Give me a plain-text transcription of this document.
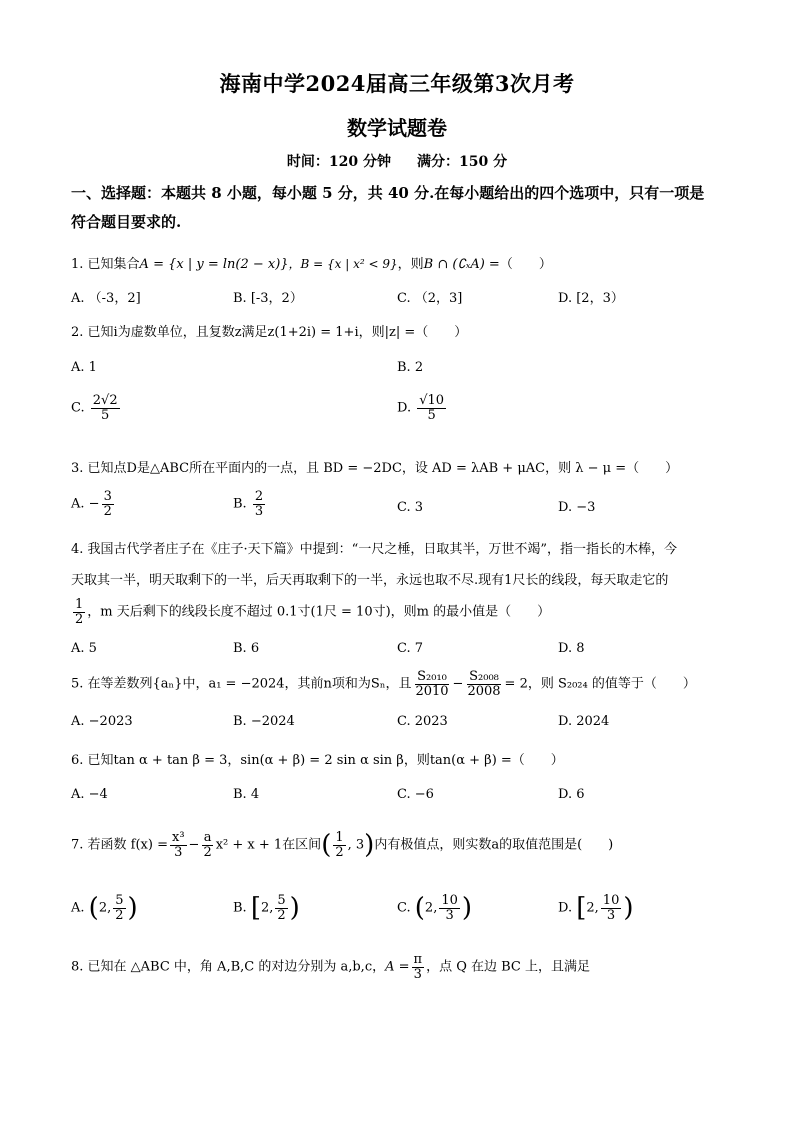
海南中学2024届高三年级第3次月考
数学试题卷
时间：120 分钟 满分：150 分
一、选择题：本题共 8 小题，每小题 5 分，共 40 分.在每小题给出的四个选项中，只有一项是
符合题目要求的.
1. 已知集合A = {x | y = ln(2 − x)}，B = {x | x² < 9}，则B ∩ (∁ₓA) =（　　）
A. （-3，2]	B. [-3，2）	C. （2，3]	D. [2，3）
2. 已知i为虚数单位，且复数z满足z(1+2i) = 1+i，则|z| =（　　）
A. 1	B. 2
C. $\frac{2√2}{5}$	D. $\frac{√10}{5}$
3. 已知点D是△ABC所在平面内的一点，且 BD = −2DC，设 AD = λAB + μAC，则 λ − μ =（　　）
A. − $\frac{3}{2}$	B. $\frac{2}{3}$	C. 3	D. −3
4. 我国古代学者庄子在《庄子·天下篇》中提到：“一尺之棰，日取其半，万世不竭”，指一指长的木棒，今
天取其一半，明天取剩下的一半，后天再取剩下的一半，永远也取不尽.现有1尺长的线段，每天取走它的
$\frac{1}{2}$ ，m 天后剩下的线段长度不超过 0.1寸(1尺 = 10寸)，则m 的最小值是（　　）
A. 5	B. 6	C. 7	D. 8
5. 在等差数列{aₙ}中，a₁ = −2024，其前n项和为Sₙ，且 $\frac{\text{S₂₀₁₀}}{2010} - \frac{\text{S₂₀₀₈}}{2008} = 2$，则 S₂₀₂₄ 的值等于（　　）
A. −2023	B. −2024	C. 2023	D. 2024
6. 已知tan α + tan β = 3，sin(α + β) = 2 sin α sin β，则tan(α + β) =（　　）
A. −4	B. 4	C. −6	D. 6
7. 若函数 $f(x) = \frac{\text{x³}}{3} - \frac{a}{2} x^2 + x + 1$在区间( $\frac{1}{2}$ , 3)内有极值点，则实数a的取值范围是(　　)
A. (2, $\frac{5}{2}$ )	B. [2, $\frac{5}{2}$ )	C. (2, $\frac{10}{3}$ )	D. [2, $\frac{10}{3}$ )
8. 已知在 △ABC 中，角 A,B,C 的对边分别为 a,b,c，$A = \frac{\pi}{3}$ ，点 Q 在边 BC 上，且满足
